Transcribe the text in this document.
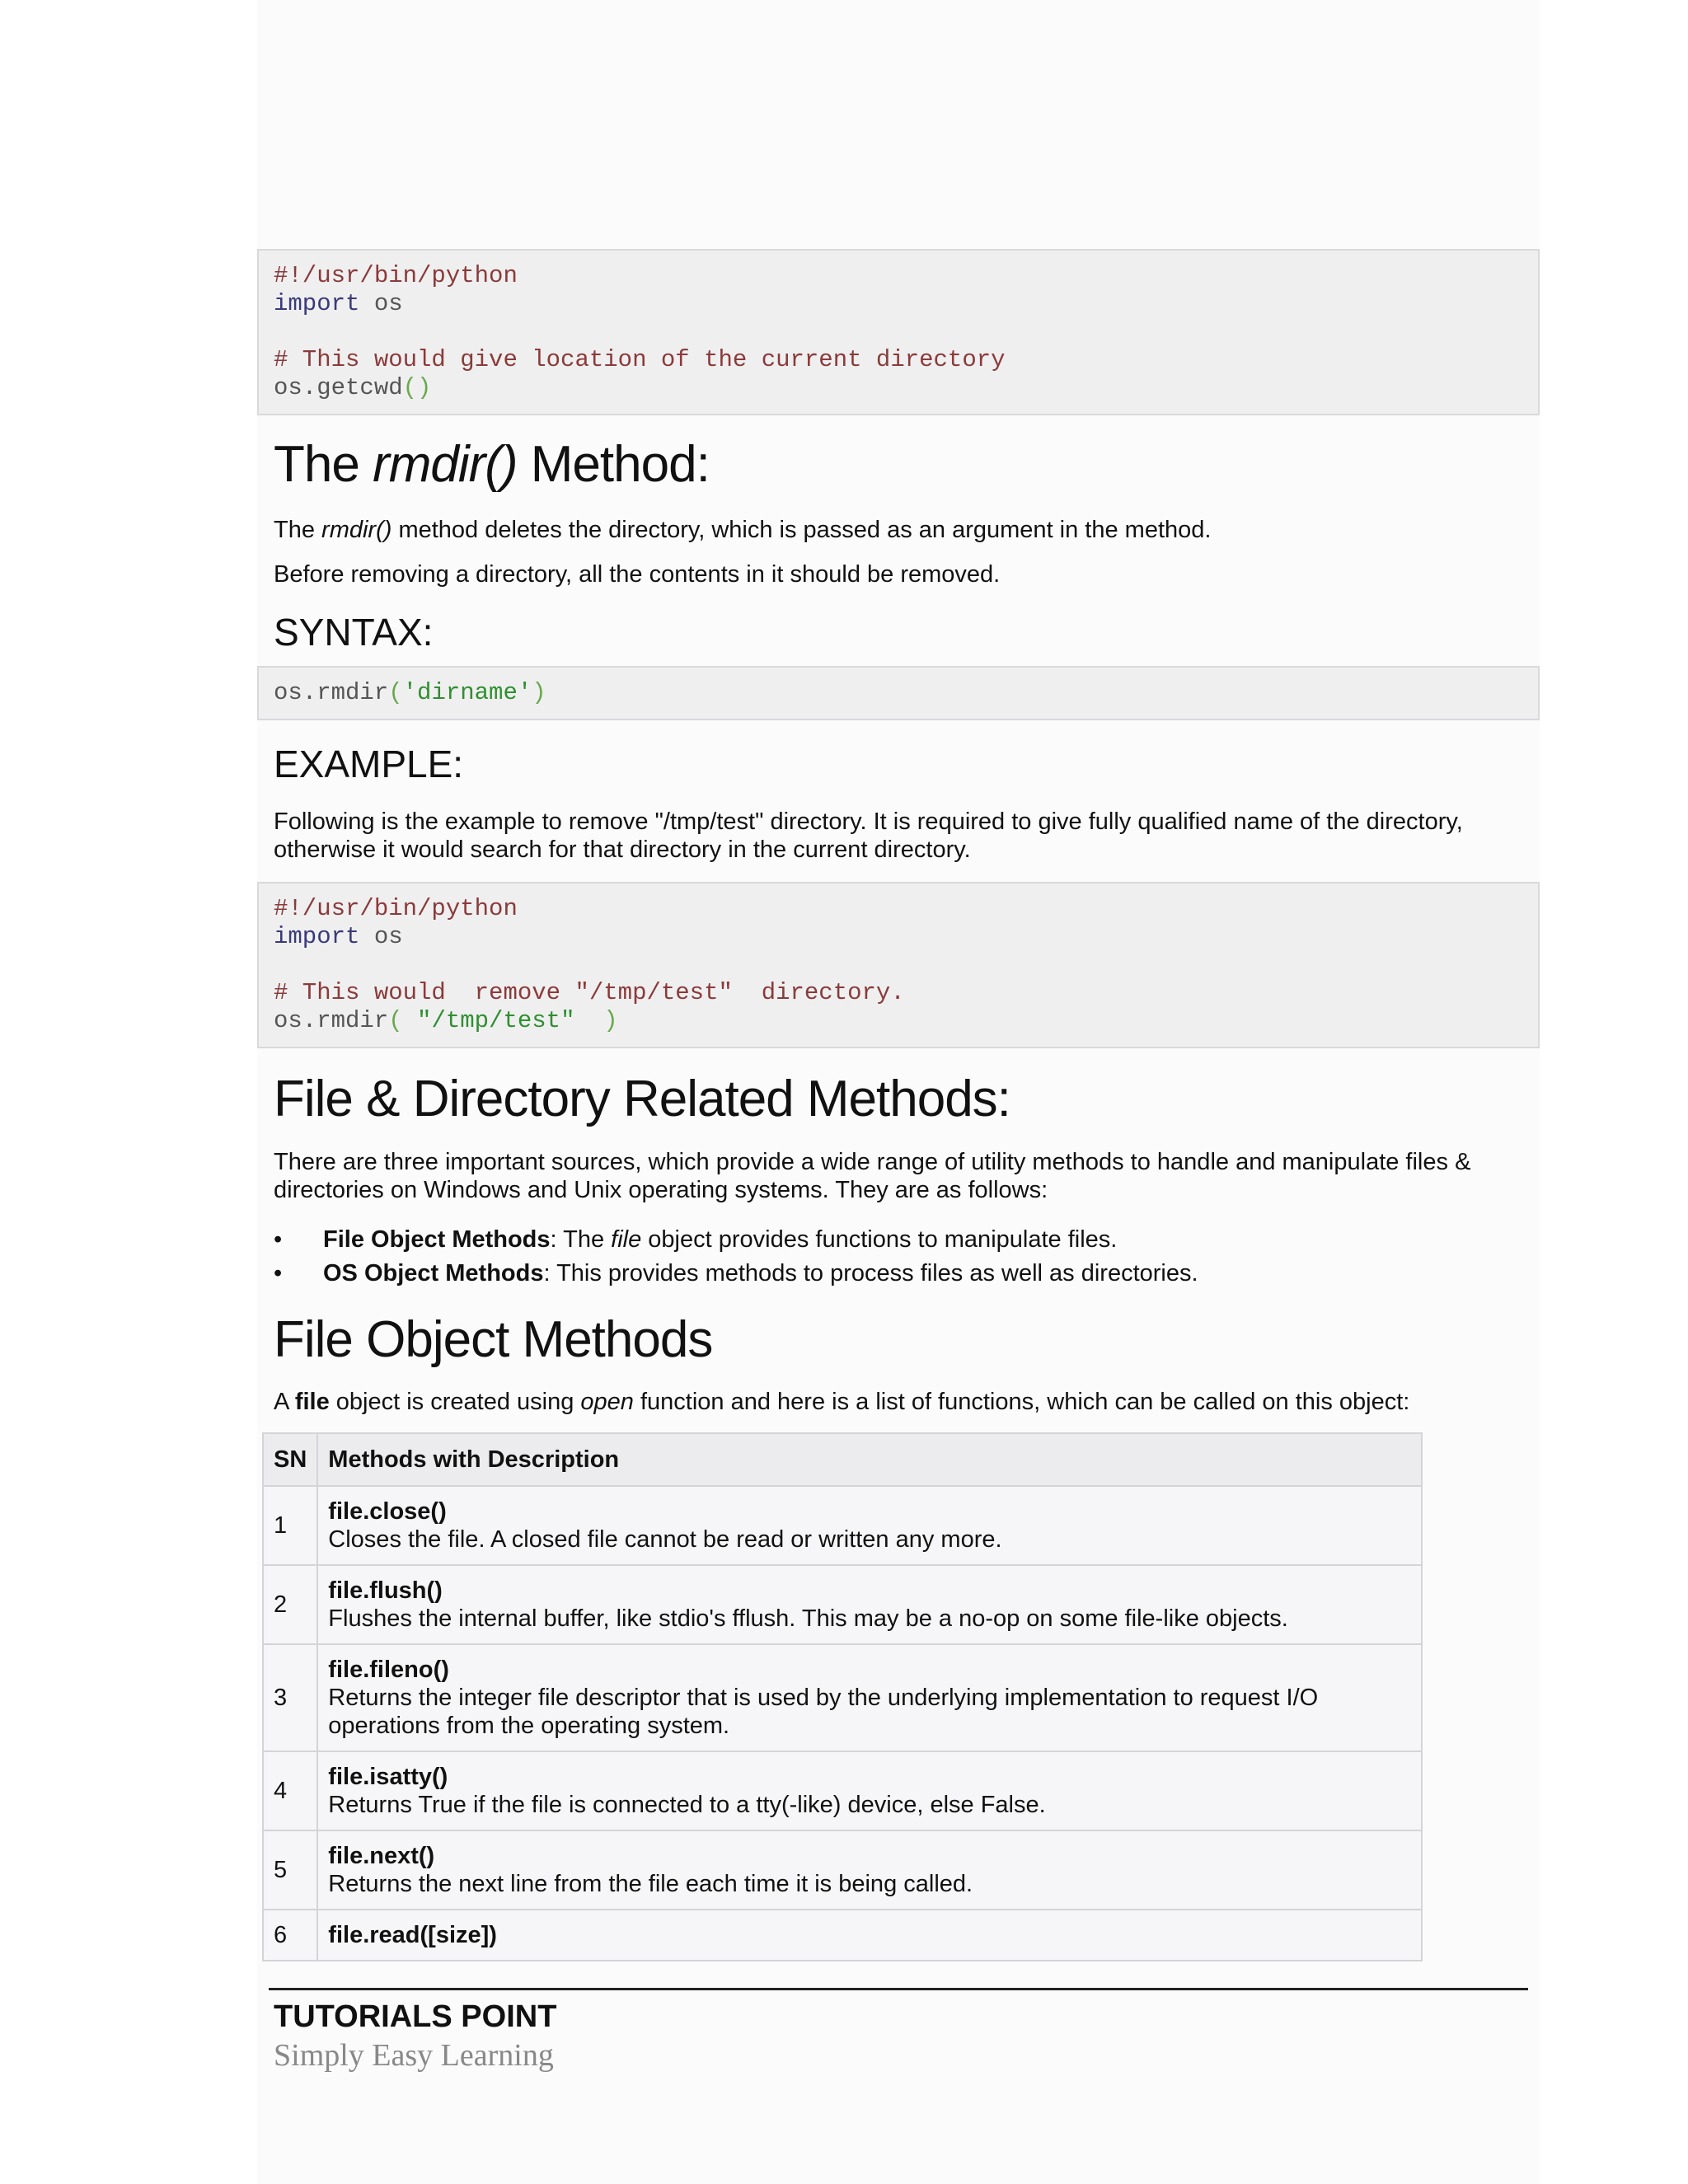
#!/usr/bin/python
import os

# This would give location of the current directory
os.getcwd()
The rmdir() Method:
The rmdir() method deletes the directory, which is passed as an argument in the method.
Before removing a directory, all the contents in it should be removed.
SYNTAX:
os.rmdir('dirname')
EXAMPLE:
Following is the example to remove "/tmp/test" directory. It is required to give fully qualified name of the directory, otherwise it would search for that directory in the current directory.
#!/usr/bin/python
import os

# This would  remove "/tmp/test"  directory.
os.rmdir( "/tmp/test"  )
File & Directory Related Methods:
There are three important sources, which provide a wide range of utility methods to handle and manipulate files & directories on Windows and Unix operating systems. They are as follows:
• File Object Methods: The file object provides functions to manipulate files.
• OS Object Methods: This provides methods to process files as well as directories.
File Object Methods
A file object is created using open function and here is a list of functions, which can be called on this object:
SN	Methods with Description
1	file.close()
Closes the file. A closed file cannot be read or written any more.
2	file.flush()
Flushes the internal buffer, like stdio's fflush. This may be a no-op on some file-like objects.
3	file.fileno()
Returns the integer file descriptor that is used by the underlying implementation to request I/O operations from the operating system.
4	file.isatty()
Returns True if the file is connected to a tty(-like) device, else False.
5	file.next()
Returns the next line from the file each time it is being called.
6	file.read([size])
TUTORIALS POINT
Simply Easy Learning
